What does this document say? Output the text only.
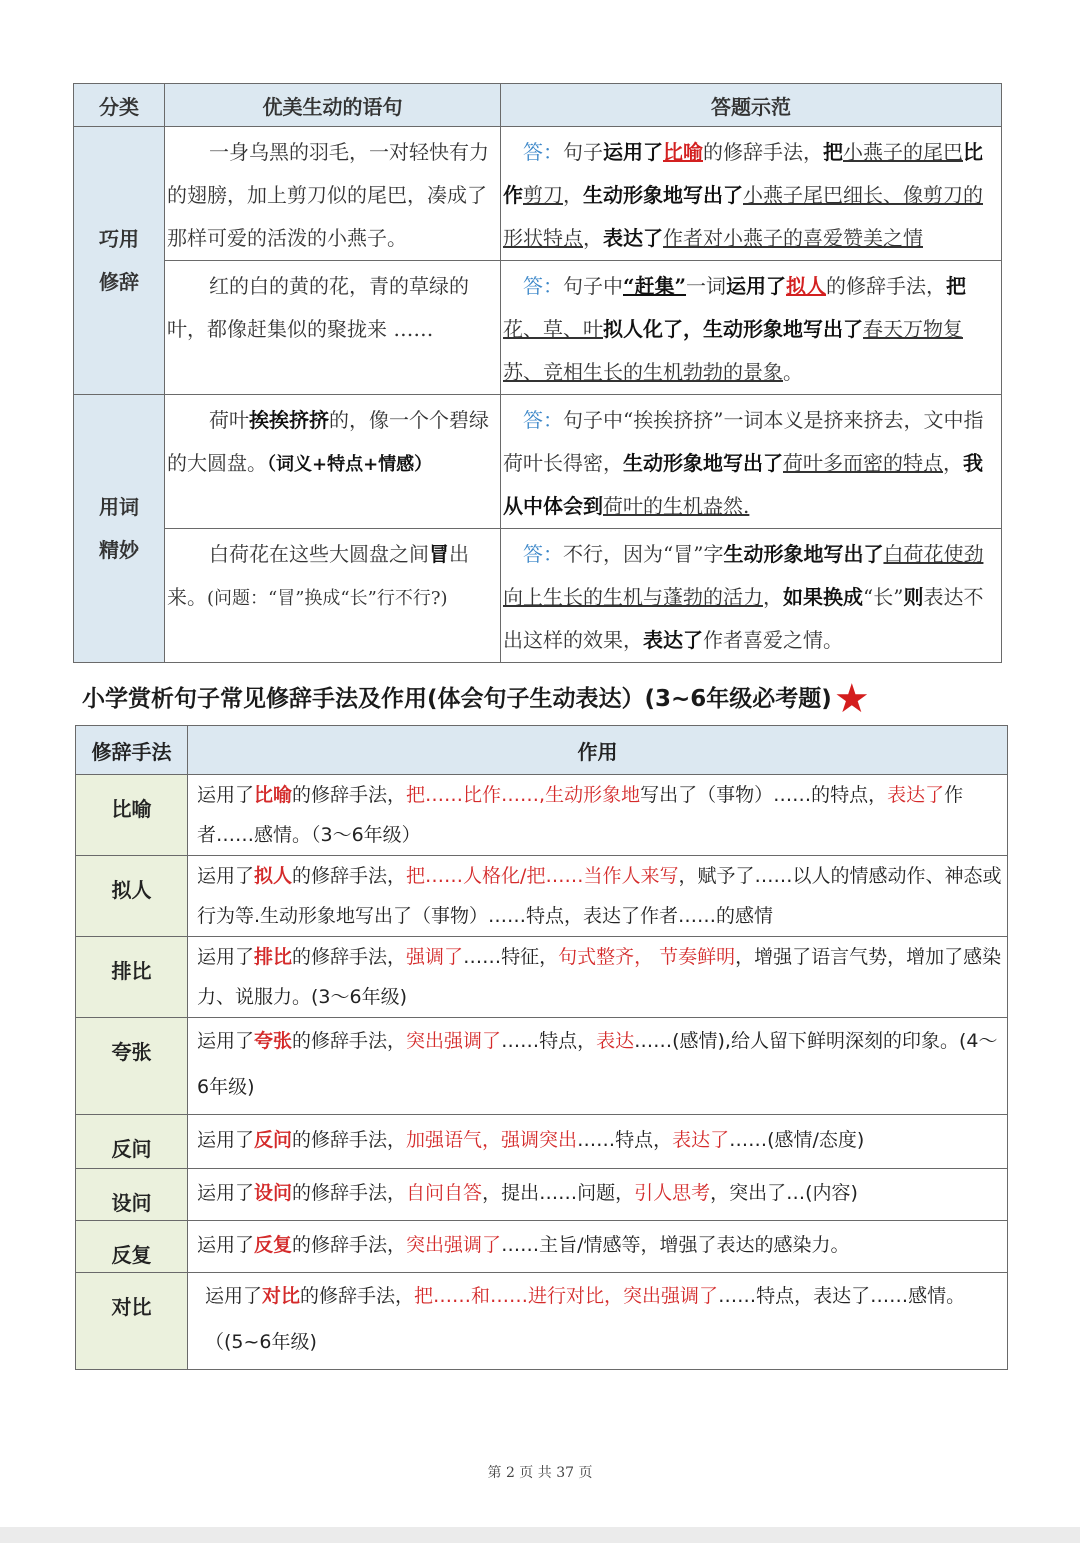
分类	优美生动的语句	答题示范

巧用
修辞	一身乌黑的羽毛，一对轻快有力的翅膀，加上剪刀似的尾巴，凑成了那样可爱的活泼的小燕子。	答：句子运用了比喻的修辞手法，把小燕子的尾巴比作剪刀，生动形象地写出了小燕子尾巴细长、像剪刀的形状特点，表达了作者对小燕子的喜爱赞美之情
	红的白的黄的花，青的草绿的叶，都像赶集似的聚拢来 ……	答：句子中“赶集”一词运用了拟人的修辞手法，把花、草、叶拟人化了，生动形象地写出了春天万物复苏、竞相生长的生机勃勃的景象。

用词
精妙	荷叶挨挨挤挤的，像一个个碧绿的大圆盘。（词义+特点+情感）	答：句子中“挨挨挤挤”一词本义是挤来挤去，文中指荷叶长得密，生动形象地写出了荷叶多而密的特点，我从中体会到荷叶的生机盎然.
	白荷花在这些大圆盘之间冒出来。(问题：“冒”换成“长”行不行?)	答：不行，因为“冒”字生动形象地写出了白荷花使劲向上生长的生机与蓬勃的活力，如果换成“长”则表达不出这样的效果，表达了作者喜爱之情。
小学赏析句子常见修辞手法及作用(体会句子生动表达）(3~6年级必考题)★
修辞手法	作用
比喻	运用了比喻的修辞手法，把……比作……,生动形象地写出了（事物）……的特点，表达了作者……感情。（3～6年级）
拟人	运用了拟人的修辞手法，把……人格化/把……当作人来写，赋予了……以人的情感动作、神态或行为等.生动形象地写出了（事物）……特点，表达了作者……的感情
排比	运用了排比的修辞手法，强调了……特征，句式整齐， 节奏鲜明，增强了语言气势，增加了感染力、说服力。(3～6年级)
夸张	运用了夸张的修辞手法，突出强调了……特点，表达……(感情),给人留下鲜明深刻的印象。(4～6年级)
反问	运用了反问的修辞手法，加强语气，强调突出……特点，表达了……(感情/态度)
设问	运用了设问的修辞手法，自问自答，提出……问题，引人思考，突出了…(内容)
反复	运用了反复的修辞手法，突出强调了……主旨/情感等，增强了表达的感染力。
对比	运用了对比的修辞手法，把……和……进行对比，突出强调了……特点，表达了……感情。（(5~6年级)
第 2 页 共 37 页
